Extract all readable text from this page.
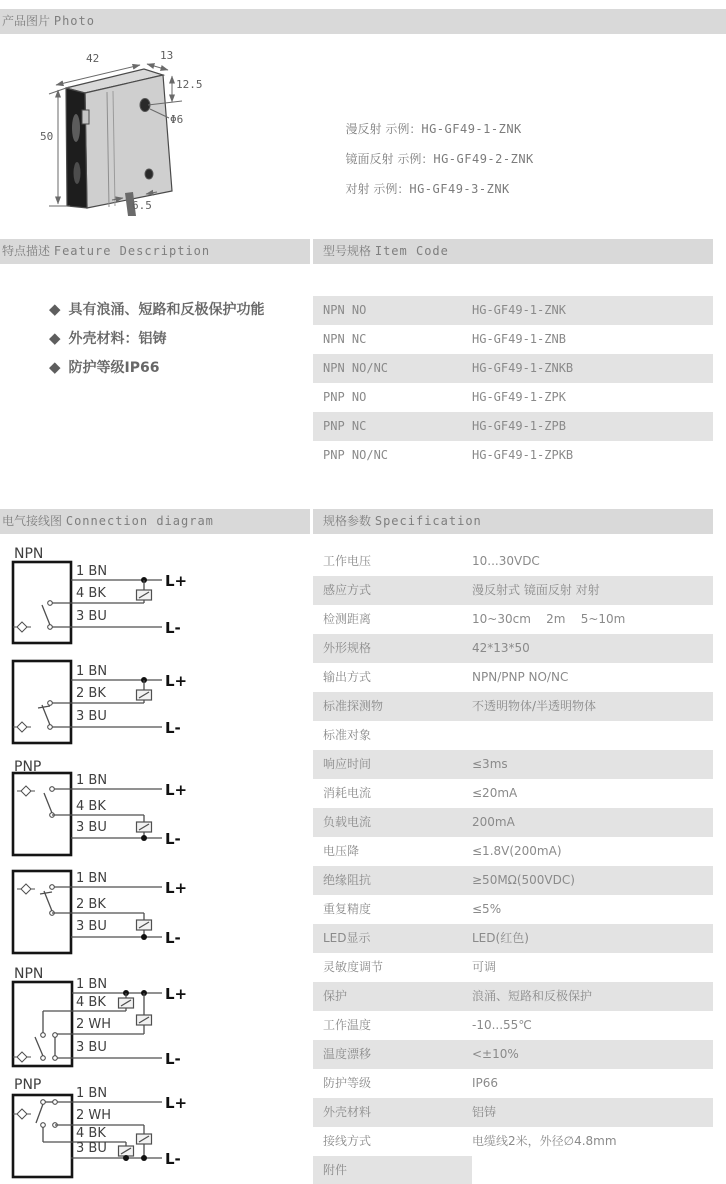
产品图片 Photo
42	13
12.5
Φ6
50
6.5

漫反射 示例：HG-GF49-1-ZNK

镜面反射 示例：HG-GF49-2-ZNK

对射 示例：HG-GF49-3-ZNK

特点描述 Feature Description	型号规格 Item Code

◆ 具有浪涌、短路和反极保护功能

◆ 外壳材料：铝铸

◆ 防护等级IP66

NPN NO	HG-GF49-1-ZNK
NPN NC	HG-GF49-1-ZNB
NPN NO/NC	HG-GF49-1-ZNKB
PNP NO	HG-GF49-1-ZPK
PNP NC	HG-GF49-1-ZPB
PNP NO/NC	HG-GF49-1-ZPKB
电气接线图 Connection diagram	规格参数 Specification
工作电压	10...30VDC
感应方式	漫反射式 镜面反射 对射
检测距离	10~30cm    2m    5~10m
外形规格	42*13*50
输出方式	NPN/PNP NO/NC
标准探测物	不透明物体/半透明物体
标准对象
响应时间	≤3ms
消耗电流	≤20mA
负载电流	200mA
电压降	≤1.8V(200mA)
绝缘阻抗	≥50MΩ(500VDC)
重复精度	≤5%
LED显示	LED(红色)
灵敏度调节	可调
保护	浪涌、短路和反极保护
工作温度	-10...55℃
温度漂移	<±10%
防护等级	IP66
外壳材料	铝铸
接线方式	电缆线2米，外径∅4.8mm
附件
NPN
1 BN
L+
4 BK
3 BU
L-
1 BN
L+
2 BK
3 BU
L-
PNP
1 BN
L+
4 BK
3 BU
L-
1 BN
L+
2 BK
3 BU
L-
NPN
1 BN
L+
4 BK
2 WH
3 BU
L-
PNP
1 BN
L+
2 WH
4 BK
3 BU
L-
